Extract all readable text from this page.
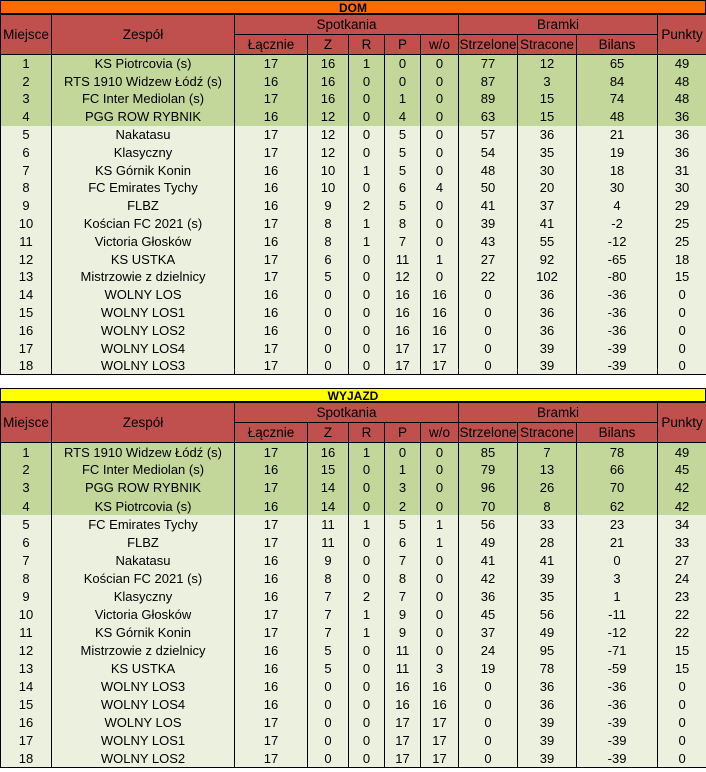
DOM
Miejsce	Zespół	Spotkania					Bramki			Punkty
		Łącznie	Z	R	P	w/o	Strzelone	Stracone	Bilans	
1	KS Piotrcovia (s)	17	16	1	0	0	77	12	65	49
2	RTS 1910 Widzew Łódź (s)	16	16	0	0	0	87	3	84	48
3	FC Inter Mediolan (s)	17	16	0	1	0	89	15	74	48
4	PGG ROW RYBNIK	16	12	0	4	0	63	15	48	36
5	Nakatasu	17	12	0	5	0	57	36	21	36
6	Klasyczny	17	12	0	5	0	54	35	19	36
7	KS Górnik Konin	16	10	1	5	0	48	30	18	31
8	FC Emirates Tychy	16	10	0	6	4	50	20	30	30
9	FLBZ	16	9	2	5	0	41	37	4	29
10	Kościan FC 2021 (s)	17	8	1	8	0	39	41	-2	25
11	Victoria Głosków	16	8	1	7	0	43	55	-12	25
12	KS USTKA	17	6	0	11	1	27	92	-65	18
13	Mistrzowie z dzielnicy	17	5	0	12	0	22	102	-80	15
14	WOLNY LOS	16	0	0	16	16	0	36	-36	0
15	WOLNY LOS1	16	0	0	16	16	0	36	-36	0
16	WOLNY LOS2	16	0	0	16	16	0	36	-36	0
17	WOLNY LOS4	17	0	0	17	17	0	39	-39	0
18	WOLNY LOS3	17	0	0	17	17	0	39	-39	0
WYJAZD
Miejsce	Zespół	Spotkania					Bramki			Punkty
		Łącznie	Z	R	P	w/o	Strzelone	Stracone	Bilans	
1	RTS 1910 Widzew Łódź (s)	17	16	1	0	0	85	7	78	49
2	FC Inter Mediolan (s)	16	15	0	1	0	79	13	66	45
3	PGG ROW RYBNIK	17	14	0	3	0	96	26	70	42
4	KS Piotrcovia (s)	16	14	0	2	0	70	8	62	42
5	FC Emirates Tychy	17	11	1	5	1	56	33	23	34
6	FLBZ	17	11	0	6	1	49	28	21	33
7	Nakatasu	16	9	0	7	0	41	41	0	27
8	Kościan FC 2021 (s)	16	8	0	8	0	42	39	3	24
9	Klasyczny	16	7	2	7	0	36	35	1	23
10	Victoria Głosków	17	7	1	9	0	45	56	-11	22
11	KS Górnik Konin	17	7	1	9	0	37	49	-12	22
12	Mistrzowie z dzielnicy	16	5	0	11	0	24	95	-71	15
13	KS USTKA	16	5	0	11	3	19	78	-59	15
14	WOLNY LOS3	16	0	0	16	16	0	36	-36	0
15	WOLNY LOS4	16	0	0	16	16	0	36	-36	0
16	WOLNY LOS	17	0	0	17	17	0	39	-39	0
17	WOLNY LOS1	17	0	0	17	17	0	39	-39	0
18	WOLNY LOS2	17	0	0	17	17	0	39	-39	0
